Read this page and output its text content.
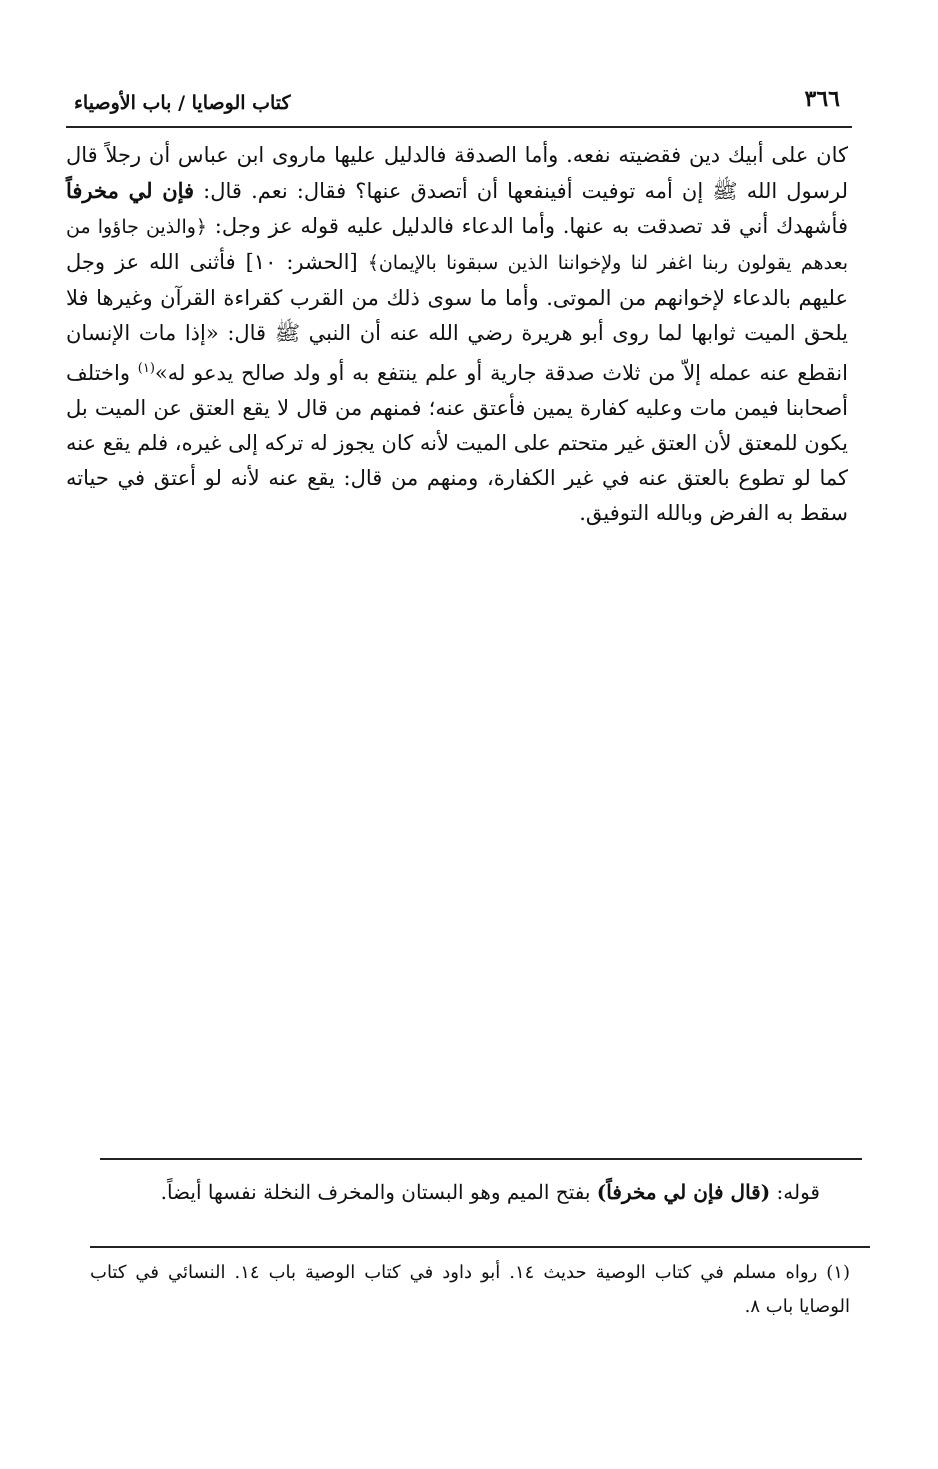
٣٦٦
كتاب الوصايا / باب الأوصياء
كان على أبيك دين فقضيته نفعه. وأما الصدقة فالدليل عليها ماروى ابن عباس أن رجلاً قال لرسول الله ﷺ إن أمه توفيت أفينفعها أن أتصدق عنها؟ فقال: نعم. قال: فإن لي مخرفاً فأشهدك أني قد تصدقت به عنها. وأما الدعاء فالدليل عليه قوله عز وجل: ﴿والذين جاؤوا من بعدهم يقولون ربنا اغفر لنا ولإخواننا الذين سبقونا بالإيمان﴾ [الحشر: ١٠] فأثنى الله عز وجل عليهم بالدعاء لإخوانهم من الموتى. وأما ما سوى ذلك من القرب كقراءة القرآن وغيرها فلا يلحق الميت ثوابها لما روى أبو هريرة رضي الله عنه أن النبي ﷺ قال: «إذا مات الإنسان انقطع عنه عمله إلاّ من ثلاث صدقة جارية أو علم ينتفع به أو ولد صالح يدعو له»$^{(١)}$ واختلف أصحابنا فيمن مات وعليه كفارة يمين فأعتق عنه؛ فمنهم من قال لا يقع العتق عن الميت بل يكون للمعتق لأن العتق غير متحتم على الميت لأنه كان يجوز له تركه إلى غيره، فلم يقع عنه كما لو تطوع بالعتق عنه في غير الكفارة، ومنهم من قال: يقع عنه لأنه لو أعتق في حياته سقط به الفرض وبالله التوفيق.
قوله: (قال فإن لي مخرفاً) بفتح الميم وهو البستان والمخرف النخلة نفسها أيضاً.
(١) رواه مسلم في كتاب الوصية حديث ١٤. أبو داود في كتاب الوصية باب ١٤. النسائي في كتاب الوصايا باب ٨.
